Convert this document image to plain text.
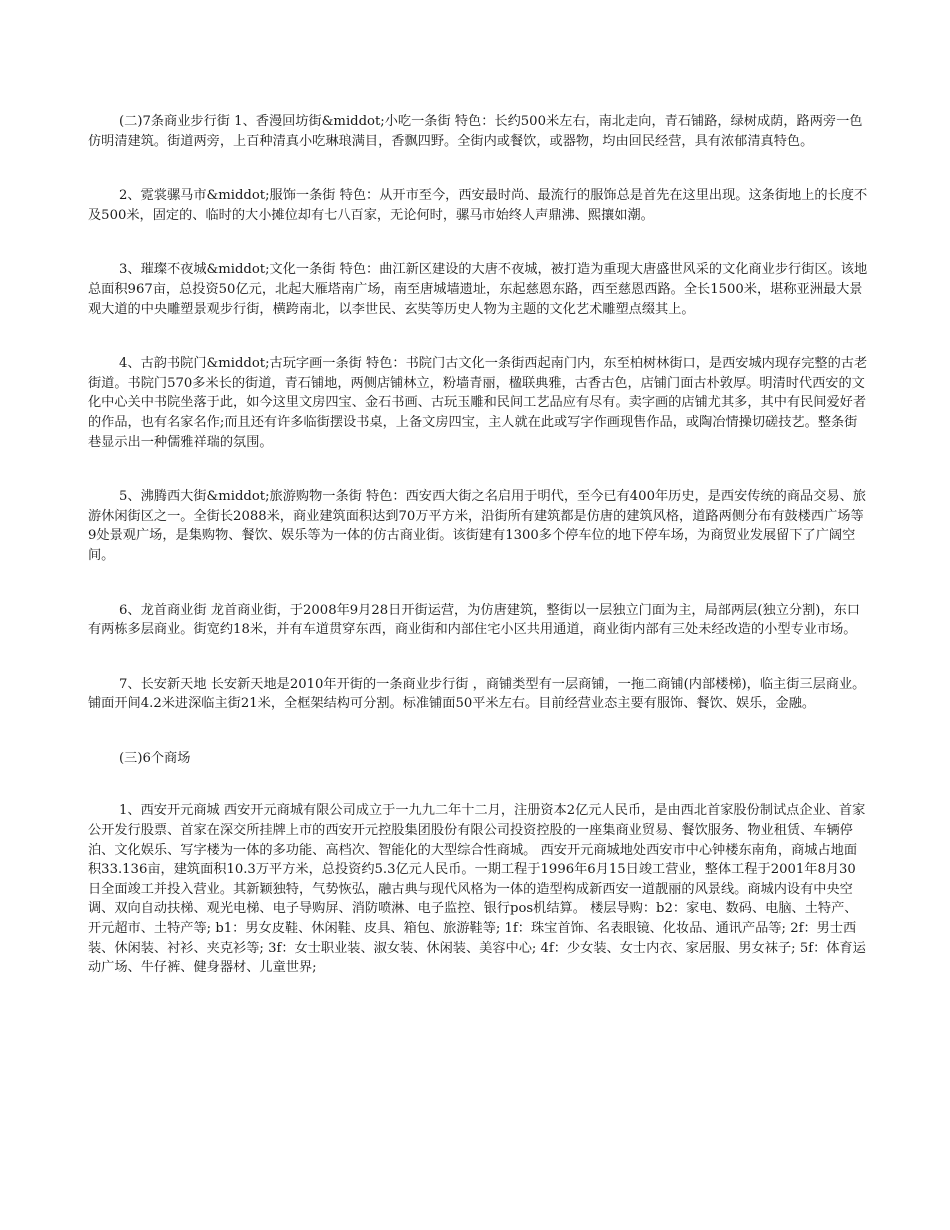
(二)7条商业步行街 1、香漫回坊街&middot;小吃一条街 特色：长约500米左右，南北走向，青石铺路，绿树成荫，路两旁一色仿明清建筑。街道两旁，上百种清真小吃琳琅满目，香飘四野。全街内或餐饮，或器物，均由回民经营，具有浓郁清真特色。

2、霓裳骡马市&middot;服饰一条街 特色：从开市至今，西安最时尚、最流行的服饰总是首先在这里出现。这条街地上的长度不及500米，固定的、临时的大小摊位却有七八百家，无论何时，骡马市始终人声鼎沸、熙攘如潮。

3、璀璨不夜城&middot;文化一条街 特色：曲江新区建设的大唐不夜城，被打造为重现大唐盛世风采的文化商业步行街区。该地总面积967亩，总投资50亿元，北起大雁塔南广场，南至唐城墙遗址，东起慈恩东路，西至慈恩西路。全长1500米，堪称亚洲最大景观大道的中央雕塑景观步行街，横跨南北，以李世民、玄奘等历史人物为主题的文化艺术雕塑点缀其上。

4、古韵书院门&middot;古玩字画一条街 特色：书院门古文化一条街西起南门内，东至柏树林街口，是西安城内现存完整的古老街道。书院门570多米长的街道，青石铺地，两侧店铺林立，粉墙青丽，楹联典雅，古香古色，店铺门面古朴敦厚。明清时代西安的文化中心关中书院坐落于此，如今这里文房四宝、金石书画、古玩玉雕和民间工艺品应有尽有。卖字画的店铺尤其多，其中有民间爱好者的作品，也有名家名作;而且还有许多临街摆设书桌，上备文房四宝，主人就在此或写字作画现售作品，或陶冶情操切磋技艺。整条街巷显示出一种儒雅祥瑞的氛围。

5、沸腾西大街&middot;旅游购物一条街 特色：西安西大街之名启用于明代，至今已有400年历史，是西安传统的商品交易、旅游休闲街区之一。全街长2088米，商业建筑面积达到70万平方米，沿街所有建筑都是仿唐的建筑风格，道路两侧分布有鼓楼西广场等9处景观广场，是集购物、餐饮、娱乐等为一体的仿古商业街。该街建有1300多个停车位的地下停车场，为商贸业发展留下了广阔空间。

6、龙首商业街 龙首商业街，于2008年9月28日开街运营，为仿唐建筑，整街以一层独立门面为主，局部两层(独立分割)，东口有两栋多层商业。街宽约18米，并有车道贯穿东西，商业街和内部住宅小区共用通道，商业街内部有三处未经改造的小型专业市场。

7、长安新天地 长安新天地是2010年开街的一条商业步行街 ，商铺类型有一层商铺，一拖二商铺(内部楼梯)，临主街三层商业。 铺面开间4.2米进深临主街21米，全框架结构可分割。标准铺面50平米左右。目前经营业态主要有服饰、餐饮、娱乐，金融。

(三)6个商场

1、西安开元商城 西安开元商城有限公司成立于一九九二年十二月，注册资本2亿元人民币，是由西北首家股份制试点企业、首家公开发行股票、首家在深交所挂牌上市的西安开元控股集团股份有限公司投资控股的一座集商业贸易、餐饮服务、物业租赁、车辆停泊、文化娱乐、写字楼为一体的多功能、高档次、智能化的大型综合性商城。 西安开元商城地处西安市中心钟楼东南角，商城占地面积33.136亩，建筑面积10.3万平方米，总投资约5.3亿元人民币。一期工程于1996年6月15日竣工营业，整体工程于2001年8月30日全面竣工并投入营业。其新颖独特，气势恢弘，融古典与现代风格为一体的造型构成新西安一道靓丽的风景线。商城内设有中央空调、双向自动扶梯、观光电梯、电子导购屏、消防喷淋、电子监控、银行pos机结算。 楼层导购：b2：家电、数码、电脑、土特产、开元超市、土特产等; b1：男女皮鞋、休闲鞋、皮具、箱包、旅游鞋等; 1f：珠宝首饰、名表眼镜、化妆品、通讯产品等; 2f：男士西装、休闲装、衬衫、夹克衫等; 3f：女士职业装、淑女装、休闲装、美容中心; 4f：少女装、女士内衣、家居服、男女袜子; 5f：体育运动广场、牛仔裤、健身器材、儿童世界;
